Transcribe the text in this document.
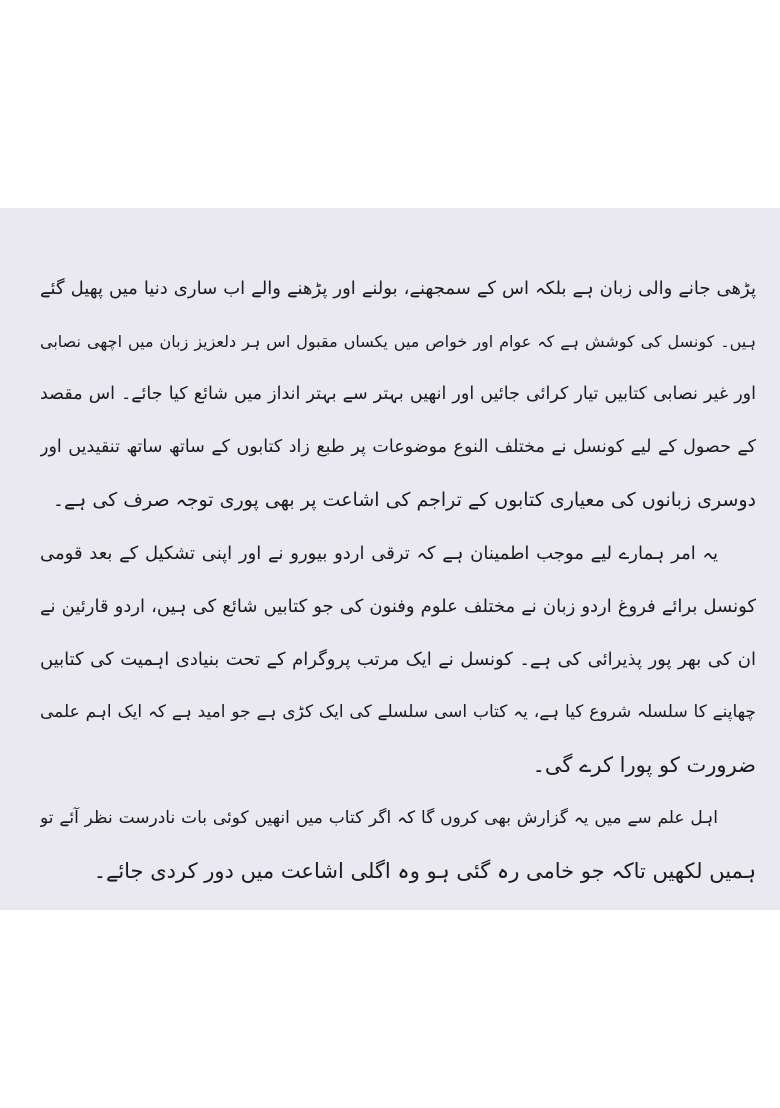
پڑھی جانے والی زبان ہے بلکہ اس کے سمجھنے، بولنے اور پڑھنے والے اب ساری دنیا میں پھیل گئے
ہیں۔ کونسل کی کوشش ہے کہ عوام اور خواص میں یکساں مقبول اس ہر دلعزیز زبان میں اچھی نصابی
اور غیر نصابی کتابیں تیار کرائی جائیں اور انھیں بہتر سے بہتر انداز میں شائع کیا جائے۔ اس مقصد
کے حصول کے لیے کونسل نے مختلف النوع موضوعات پر طبع زاد کتابوں کے ساتھ ساتھ تنقیدیں اور
دوسری زبانوں کی معیاری کتابوں کے تراجم کی اشاعت پر بھی پوری توجہ صرف کی ہے۔
یہ امر ہمارے لیے موجب اطمینان ہے کہ ترقی اردو بیورو نے اور اپنی تشکیل کے بعد قومی
کونسل برائے فروغ اردو زبان نے مختلف علوم وفنون کی جو کتابیں شائع کی ہیں، اردو قارئین نے
ان کی بھر پور پذیرائی کی ہے۔ کونسل نے ایک مرتب پروگرام کے تحت بنیادی اہمیت کی کتابیں
چھاپنے کا سلسلہ شروع کیا ہے، یہ کتاب اسی سلسلے کی ایک کڑی ہے جو امید ہے کہ ایک اہم علمی
ضرورت کو پورا کرے گی۔
اہل علم سے میں یہ گزارش بھی کروں گا کہ اگر کتاب میں انھیں کوئی بات نادرست نظر آئے تو
ہمیں لکھیں تاکہ جو خامی رہ گئی ہو وہ اگلی اشاعت میں دور کردی جائے۔
